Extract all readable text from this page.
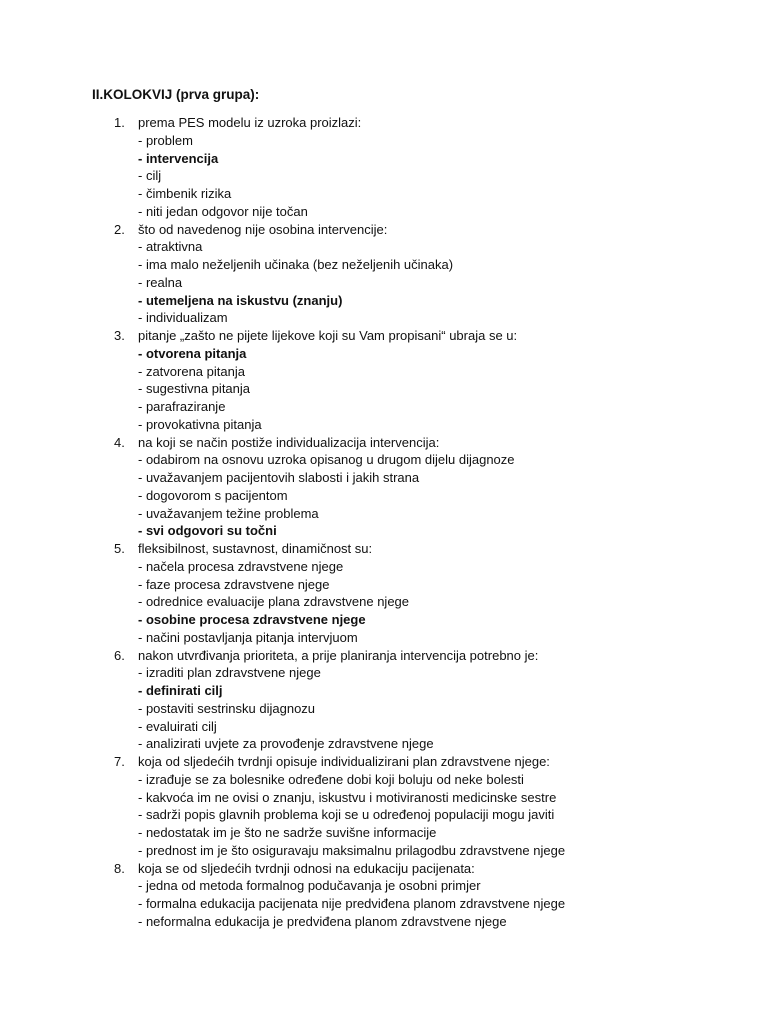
II.KOLOKVIJ (prva grupa):
1.	prema PES modelu iz uzroka proizlazi:
- problem
- intervencija
- cilj
- čimbenik rizika
- niti jedan odgovor nije točan
2.	što od navedenog nije osobina intervencije:
- atraktivna
- ima malo neželjenih učinaka (bez neželjenih učinaka)
- realna
- utemeljena na iskustvu (znanju)
- individualizam
3.	pitanje „zašto ne pijete lijekove koji su Vam propisani“ ubraja se u:
- otvorena pitanja
- zatvorena pitanja
- sugestivna pitanja
- parafraziranje
- provokativna pitanja
4.	na koji se način postiže individualizacija intervencija:
- odabirom na osnovu uzroka opisanog u drugom dijelu dijagnoze
- uvažavanjem pacijentovih slabosti i jakih strana
- dogovorom s pacijentom
- uvažavanjem težine problema
- svi odgovori su točni
5.	fleksibilnost, sustavnost, dinamičnost su:
- načela procesa zdravstvene njege
- faze procesa zdravstvene njege
- odrednice evaluacije plana zdravstvene njege
- osobine procesa zdravstvene njege
- načini postavljanja pitanja intervjuom
6.	nakon utvrđivanja prioriteta, a prije planiranja intervencija potrebno je:
- izraditi plan zdravstvene njege
- definirati cilj
- postaviti sestrinsku dijagnozu
- evaluirati cilj
- analizirati uvjete za provođenje zdravstvene njege
7.	koja od sljedećih tvrdnji opisuje individualizirani plan zdravstvene njege:
- izrađuje se za bolesnike određene dobi koji boluju od neke bolesti
- kakvoća im ne ovisi o znanju, iskustvu i motiviranosti medicinske sestre
- sadrži popis glavnih problema koji se u određenoj populaciji mogu javiti
- nedostatak im je što ne sadrže suvišne informacije
- prednost im je što osiguravaju maksimalnu prilagodbu zdravstvene njege
8.	koja se od sljedećih tvrdnji odnosi na edukaciju pacijenata:
- jedna od metoda formalnog podučavanja je osobni primjer
- formalna edukacija pacijenata nije predviđena planom zdravstvene njege
- neformalna edukacija je predviđena planom zdravstvene njege
